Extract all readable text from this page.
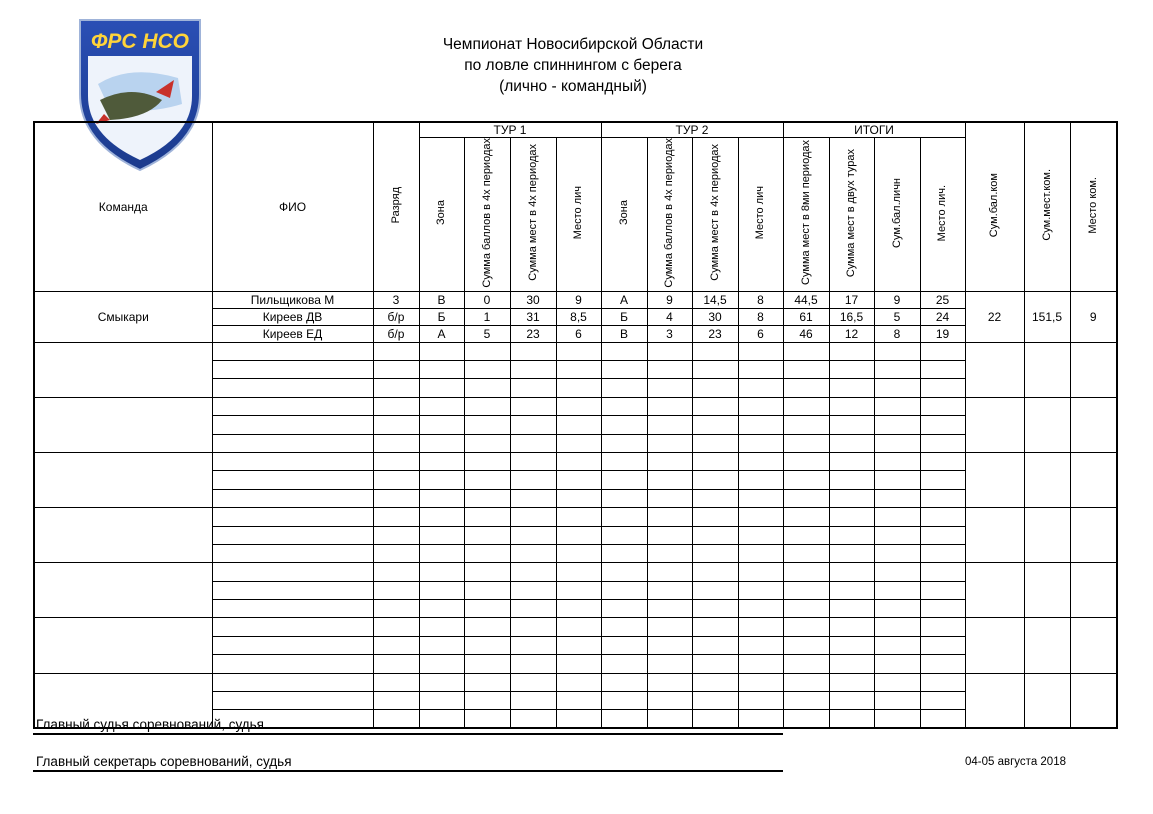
ФРС НСО	Чемпионат Новосибирской Области
по ловле спиннингом с берега
(лично - командный)
Команда	ФИО	Разряд	ТУР 1				ТУР 2				ИТОГИ				Сум.бал.ком	Сум.мест.ком.	Место ком.
			Зона	Сумма баллов в 4х периодах	Сумма мест в 4х периодах	Место лич	Зона	Сумма баллов в 4х периодах	Сумма мест в 4х периодах	Место лич	Сумма мест в 8ми периодах	Сумма мест в двух турах	Сум.бал.личн	Место лич.			
Смыкари	Пильщикова М	3	В	0	30	9	А	9	14,5	8	44,5	17	9	25	22	151,5	9
	Киреев ДВ	б/р	Б	1	31	8,5	Б	4	30	8	61	16,5	5	24			
	Киреев ЕД	б/р	А	5	23	6	В	3	23	6	46	12	8	19			

Главный судья соревнований, судья
Главный секретарь соревнований, судья	04-05 августа 2018
